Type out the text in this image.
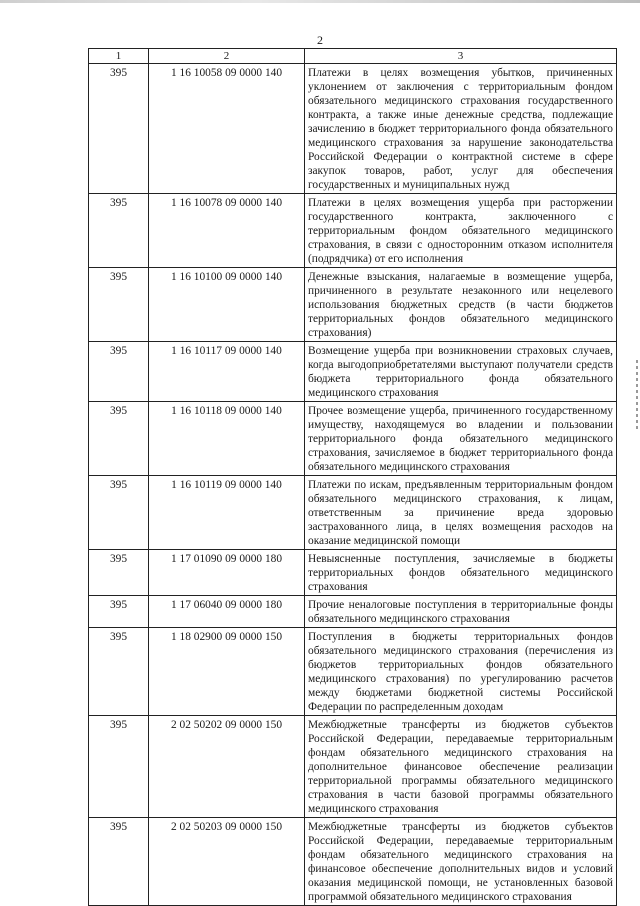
2
1	2	3
395	1 16 10058 09 0000 140	Платежи в целях возмещения убытков, причиненных уклонением от заключения с территориальным фондом обязательного медицинского страхования государственного контракта, а также иные денежные средства, подлежащие зачислению в бюджет территориального фонда обязательного медицинского страхования за нарушение законодательства Российской Федерации о контрактной системе в сфере закупок товаров, работ, услуг для обеспечения государственных и муниципальных нужд
395	1 16 10078 09 0000 140	Платежи в целях возмещения ущерба при расторжении государственного контракта, заключенного с территориальным фондом обязательного медицинского страхования, в связи с односторонним отказом исполнителя (подрядчика) от его исполнения
395	1 16 10100 09 0000 140	Денежные взыскания, налагаемые в возмещение ущерба, причиненного в результате незаконного или нецелевого использования бюджетных средств (в части бюджетов территориальных фондов обязательного медицинского страхования)
395	1 16 10117 09 0000 140	Возмещение ущерба при возникновении страховых случаев, когда выгодоприобретателями выступают получатели средств бюджета территориального фонда обязательного медицинского страхования
395	1 16 10118 09 0000 140	Прочее возмещение ущерба, причиненного государственному имуществу, находящемуся во владении и пользовании территориального фонда обязательного медицинского страхования, зачисляемое в бюджет территориального фонда обязательного медицинского страхования
395	1 16 10119 09 0000 140	Платежи по искам, предъявленным территориальным фондом обязательного медицинского страхования, к лицам, ответственным за причинение вреда здоровью застрахованного лица, в целях возмещения расходов на оказание медицинской помощи
395	1 17 01090 09 0000 180	Невыясненные поступления, зачисляемые в бюджеты территориальных фондов обязательного медицинского страхования
395	1 17 06040 09 0000 180	Прочие неналоговые поступления в территориальные фонды обязательного медицинского страхования
395	1 18 02900 09 0000 150	Поступления в бюджеты территориальных фондов обязательного медицинского страхования (перечисления из бюджетов территориальных фондов обязательного медицинского страхования) по урегулированию расчетов между бюджетами бюджетной системы Российской Федерации по распределенным доходам
395	2 02 50202 09 0000 150	Межбюджетные трансферты из бюджетов субъектов Российской Федерации, передаваемые территориальным фондам обязательного медицинского страхования на дополнительное финансовое обеспечение реализации территориальной программы обязательного медицинского страхования в части базовой программы обязательного медицинского страхования
395	2 02 50203 09 0000 150	Межбюджетные трансферты из бюджетов субъектов Российской Федерации, передаваемые территориальным фондам обязательного медицинского страхования на финансовое обеспечение дополнительных видов и условий оказания медицинской помощи, не установленных базовой программой обязательного медицинского страхования
